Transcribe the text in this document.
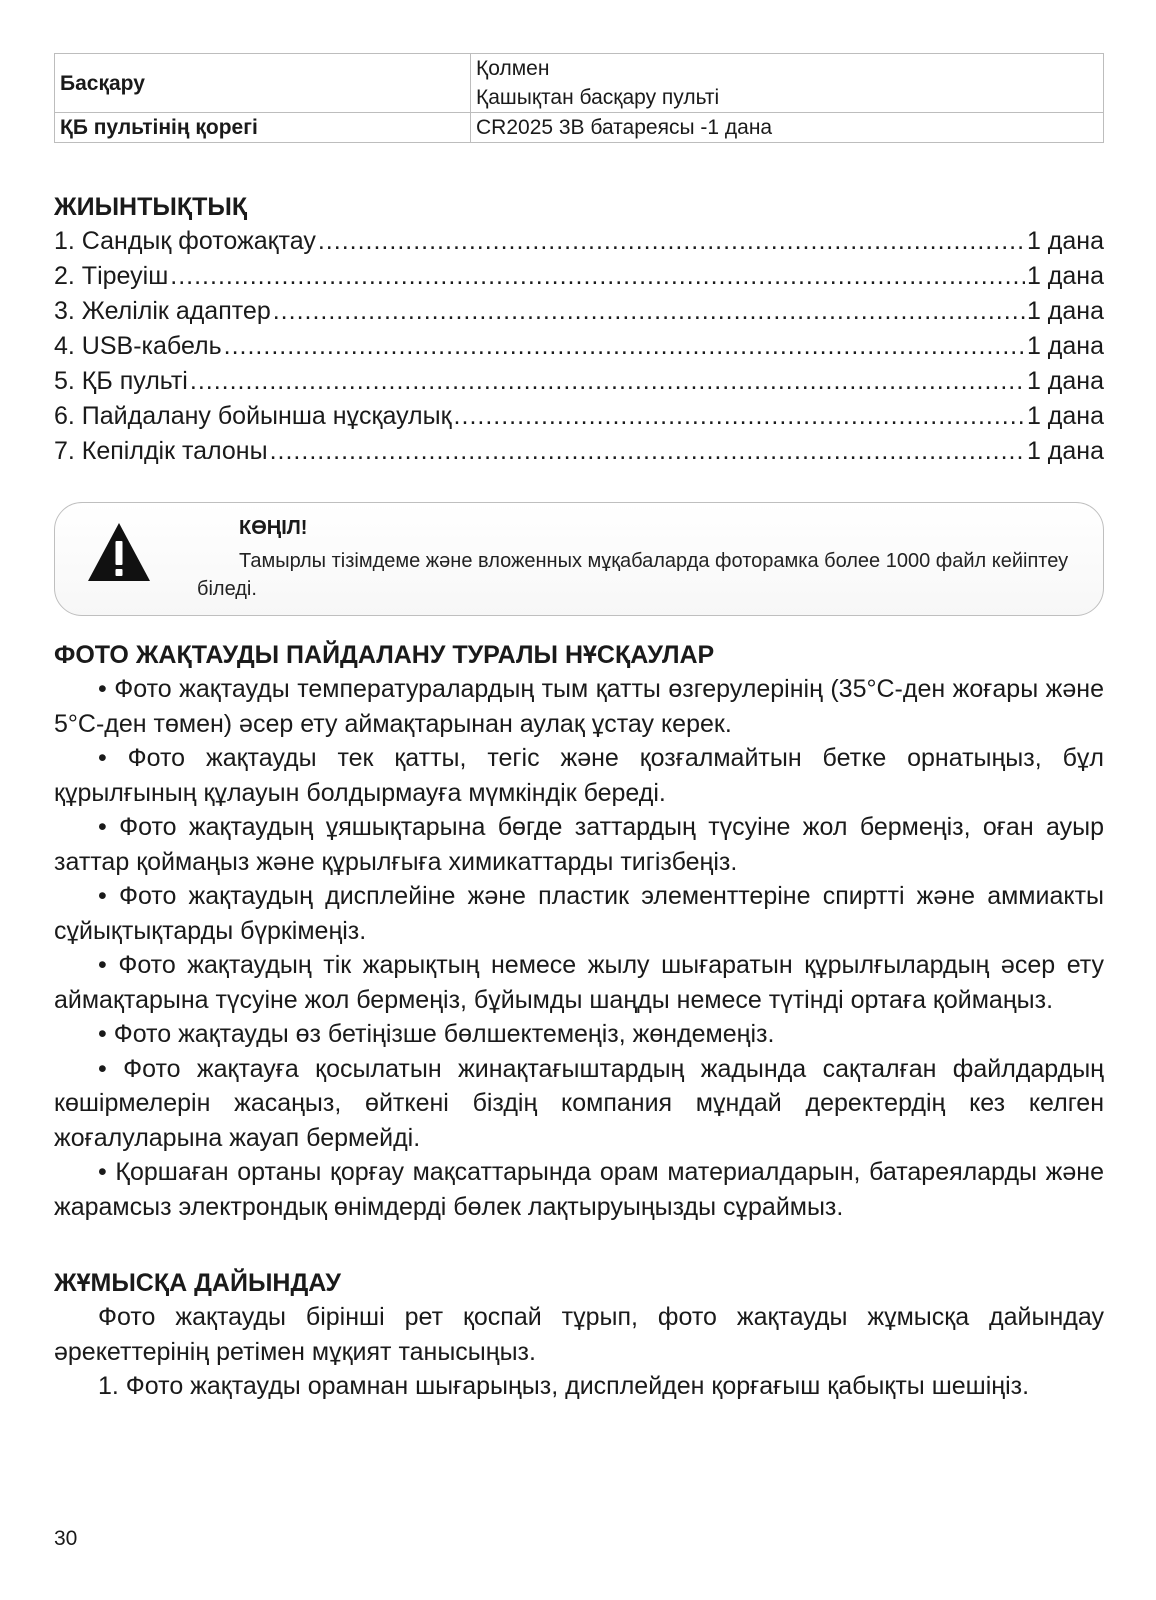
Басқару	Қолмен
Қашықтан басқару пульті

ҚБ пультінің қорегі	CR2025 3В батареясы -1 дана
ЖИЫНТЫҚТЫҚ
1. Сандық фотожақтау .....	1 дана
2. Тіреуіш .....	1 дана
3. Желілік адаптер .....	1 дана
4. USB-кабель .....	1 дана
5. ҚБ пульті .....	1 дана
6. Пайдалану бойынша нұсқаулық .....	1 дана
7. Кепілдік талоны .....	1 дана
КӨҢІЛ!
Тамырлы тізімдеме және вложенных мұқабаларда фоторамка более 1000 файл кейіптеу біледі.
ФОТО ЖАҚТАУДЫ ПАЙДАЛАНУ ТУРАЛЫ НҰСҚАУЛАР

• Фото жақтауды температуралардың тым қатты өзгерулерінің (35°C-ден жоғары және 5°C-ден төмен) әсер ету аймақтарынан аулақ ұстау керек.

• Фото жақтауды тек қатты, тегіс және қозғалмайтын бетке орнатыңыз, бұл құрылғының құлауын болдырмауға мүмкіндік береді.

• Фото жақтаудың ұяшықтарына бөгде заттардың түсуіне жол бермеңіз, оған ауыр заттар қоймаңыз және құрылғыға химикаттарды тигізбеңіз.

• Фото жақтаудың дисплейіне және пластик элементтеріне спиртті және аммиакты сұйықтықтарды бүркімеңіз.

• Фото жақтаудың тік жарықтың немесе жылу шығаратын құрылғылардың әсер ету аймақтарына түсуіне жол бермеңіз, бұйымды шаңды немесе түтінді ортаға қоймаңыз.

• Фото жақтауды өз бетіңізше бөлшектемеңіз, жөндемеңіз.

• Фото жақтауға қосылатын жинақтағыштардың жадында сақталған файлдардың көшірмелерін жасаңыз, өйткені біздің компания мұндай деректердің кез келген жоғалуларына жауап бермейді.

• Қоршаған ортаны қорғау мақсаттарында орам материалдарын, батареяларды және жарамсыз электрондық өнімдерді бөлек лақтыруыңызды сұраймыз.

ЖҰМЫСҚА ДАЙЫНДАУ

Фото жақтауды бірінші рет қоспай тұрып, фото жақтауды жұмысқа дайындау әрекеттерінің ретімен мұқият танысыңыз.

1. Фото жақтауды орамнан шығарыңыз, дисплейден қорғағыш қабықты шешіңіз.

30
